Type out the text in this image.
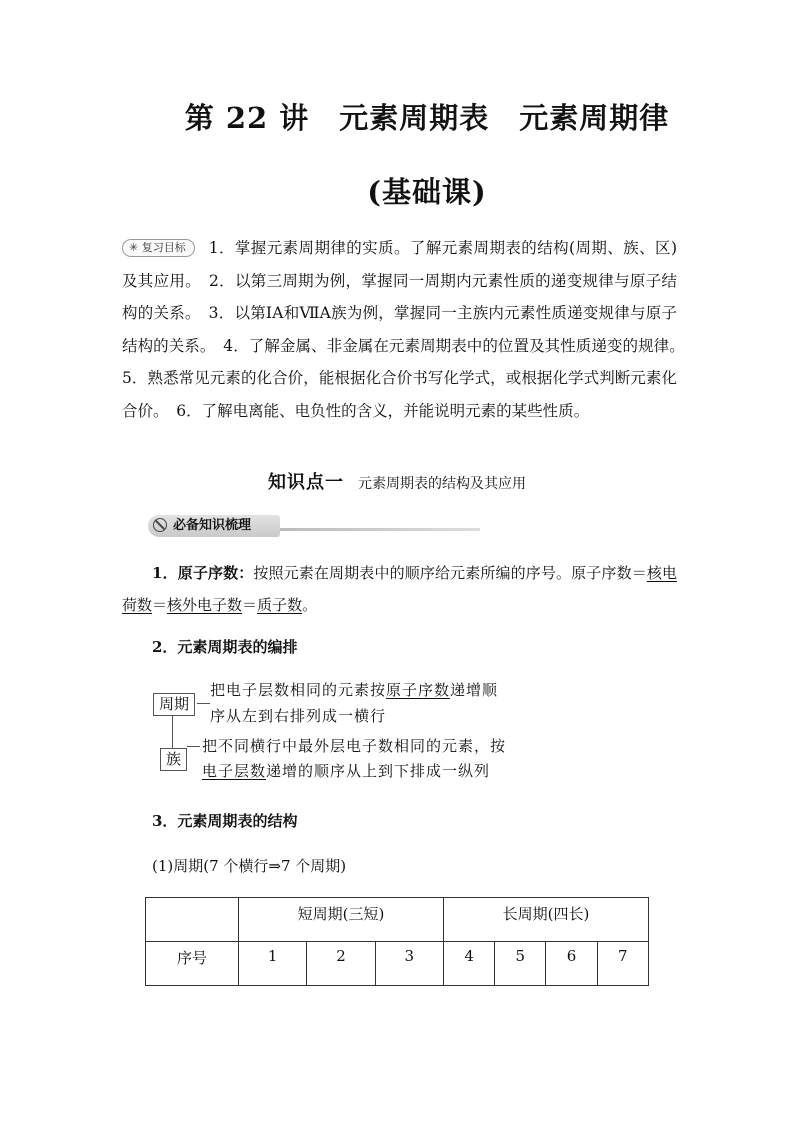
第 22 讲　元素周期表　元素周期律
(基础课)
✳ 复习目标 1．掌握元素周期律的实质。了解元素周期表的结构(周期、族、区)及其应用。　2．以第三周期为例，掌握同一周期内元素性质的递变规律与原子结构的关系。　3．以第ⅠA和ⅦA族为例，掌握同一主族内元素性质递变规律与原子结构的关系。　4．了解金属、非金属在元素周期表中的位置及其性质递变的规律。　5．熟悉常见元素的化合价，能根据化合价书写化学式，或根据化学式判断元素化合价。　6．了解电离能、电负性的含义，并能说明元素的某些性质。
知识点一 元素周期表的结构及其应用
必备知识梳理
1．原子序数：按照元素在周期表中的顺序给元素所编的序号。原子序数＝核电荷数＝核外电子数＝质子数。
2．元素周期表的编排
周期
把电子层数相同的元素按原子序数递增顺
序从左到右排列成一横行
族
把不同横行中最外层电子数相同的元素，按
电子层数递增的顺序从上到下排成一纵列
3．元素周期表的结构
(1)周期(7 个横行⇒7 个周期)
	短周期(三短)			长周期(四长)			
序号	1	2	3	4	5	6	7
